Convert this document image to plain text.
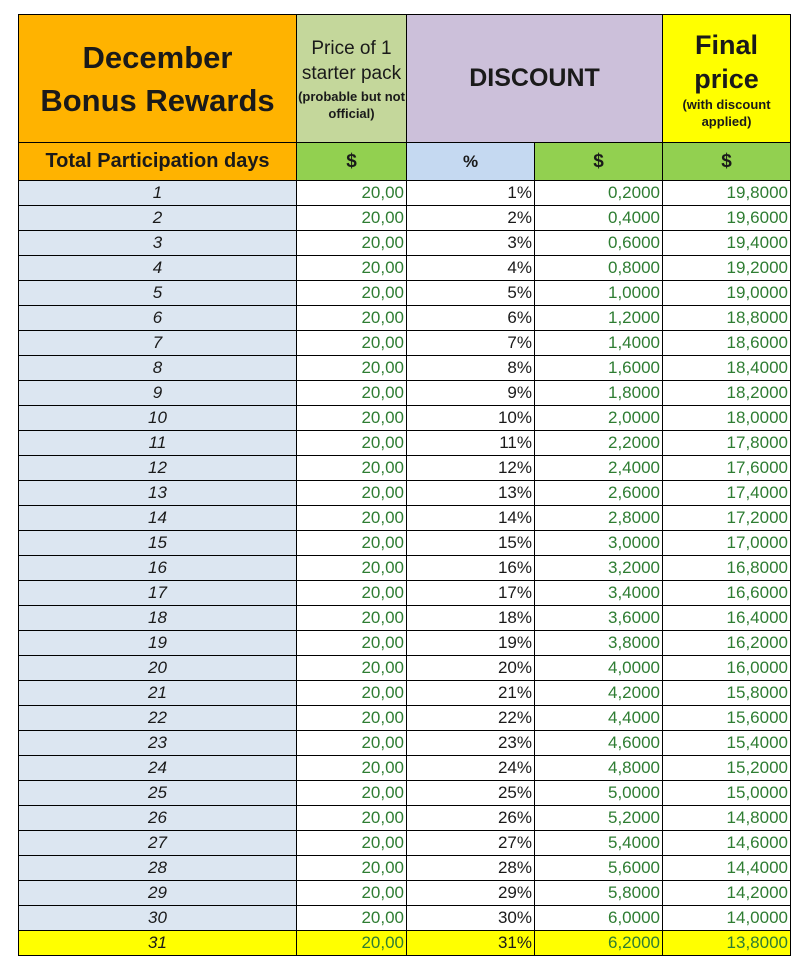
December
Bonus Rewards	Price of 1 starter pack
(probable but not official)	DISCOUNT		Final price
(with discount applied)

Total Participation days	$	%	$	$
1	20,00	1%	0,2000	19,8000
2	20,00	2%	0,4000	19,6000
3	20,00	3%	0,6000	19,4000
4	20,00	4%	0,8000	19,2000
5	20,00	5%	1,0000	19,0000
6	20,00	6%	1,2000	18,8000
7	20,00	7%	1,4000	18,6000
8	20,00	8%	1,6000	18,4000
9	20,00	9%	1,8000	18,2000
10	20,00	10%	2,0000	18,0000
11	20,00	11%	2,2000	17,8000
12	20,00	12%	2,4000	17,6000
13	20,00	13%	2,6000	17,4000
14	20,00	14%	2,8000	17,2000
15	20,00	15%	3,0000	17,0000
16	20,00	16%	3,2000	16,8000
17	20,00	17%	3,4000	16,6000
18	20,00	18%	3,6000	16,4000
19	20,00	19%	3,8000	16,2000
20	20,00	20%	4,0000	16,0000
21	20,00	21%	4,2000	15,8000
22	20,00	22%	4,4000	15,6000
23	20,00	23%	4,6000	15,4000
24	20,00	24%	4,8000	15,2000
25	20,00	25%	5,0000	15,0000
26	20,00	26%	5,2000	14,8000
27	20,00	27%	5,4000	14,6000
28	20,00	28%	5,6000	14,4000
29	20,00	29%	5,8000	14,2000
30	20,00	30%	6,0000	14,0000
31	20,00	31%	6,2000	13,8000
